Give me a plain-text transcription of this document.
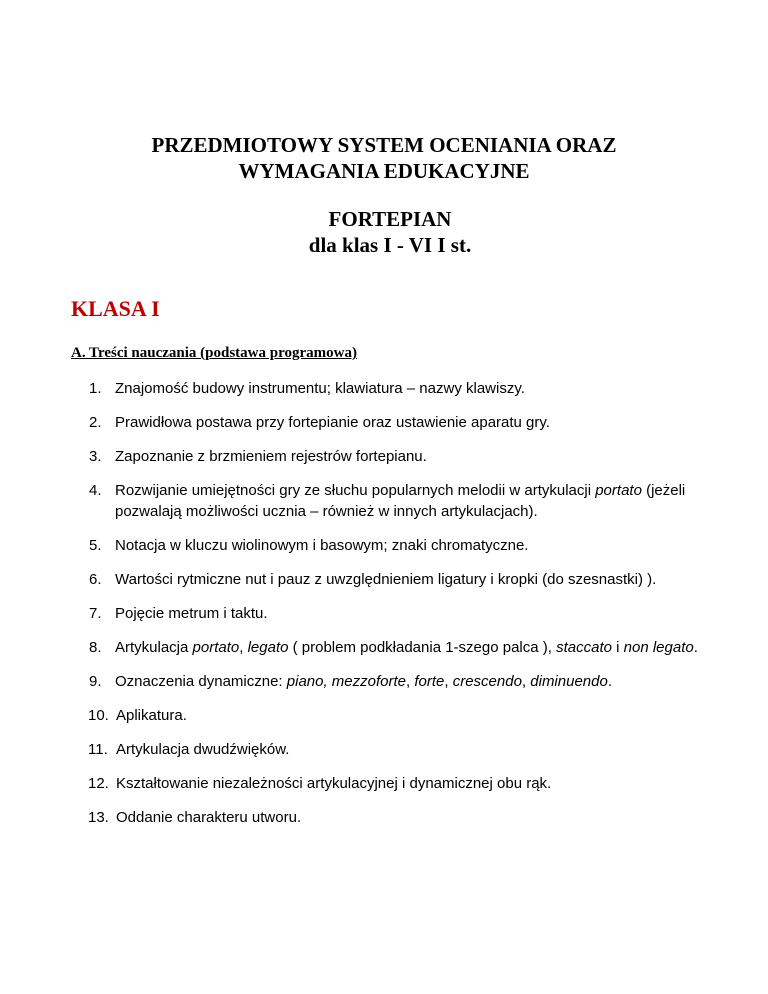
PRZEDMIOTOWY SYSTEM OCENIANIA ORAZ
WYMAGANIA EDUKACYJNE
FORTEPIAN
dla klas I - VI I st.
KLASA I
A. Treści nauczania (podstawa programowa)
1. Znajomość budowy instrumentu; klawiatura – nazwy klawiszy.
2. Prawidłowa postawa przy fortepianie oraz ustawienie aparatu gry.
3. Zapoznanie z brzmieniem rejestrów fortepianu.
4. Rozwijanie umiejętności gry ze słuchu popularnych melodii w artykulacji portato (jeżeli pozwalają możliwości ucznia – również w innych artykulacjach).
5. Notacja w kluczu wiolinowym i basowym; znaki chromatyczne.
6. Wartości rytmiczne nut i pauz z uwzględnieniem ligatury i kropki (do szesnastki) ).
7. Pojęcie metrum i taktu.
8. Artykulacja portato, legato ( problem podkładania 1-szego palca ), staccato i non legato.
9. Oznaczenia dynamiczne: piano, mezzoforte, forte, crescendo, diminuendo.
10. Aplikatura.
11. Artykulacja dwudźwięków.
12. Kształtowanie niezależności artykulacyjnej i dynamicznej obu rąk.
13. Oddanie charakteru utworu.
